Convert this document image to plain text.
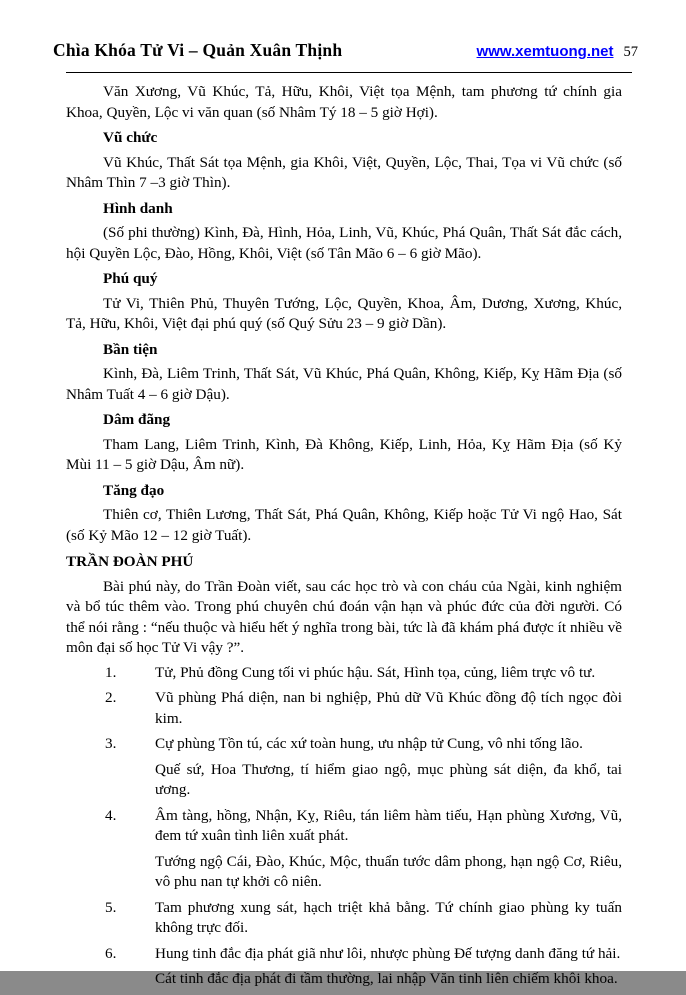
Chìa Khóa Tử Vi – Quản Xuân Thịnh	www.xemtuong.net 57

Văn Xương, Vũ Khúc, Tả, Hữu, Khôi, Việt tọa Mệnh, tam phương tứ chính gia Khoa, Quyền, Lộc vi văn quan (số Nhâm Tý 18 – 5 giờ Hợi).

Vũ chức

Vũ Khúc, Thất Sát tọa Mệnh, gia Khôi, Việt, Quyền, Lộc, Thai, Tọa vi Vũ chức (số Nhâm Thìn 7 –3 giờ Thìn).

Hình danh

(Số phi thường) Kình, Đà, Hình, Hỏa, Linh, Vũ, Khúc, Phá Quân, Thất Sát đắc cách, hội Quyền Lộc, Đào, Hồng, Khôi, Việt (số Tân Mão 6 – 6 giờ Mão).

Phú quý

Tử Vi, Thiên Phủ, Thuyên Tướng, Lộc, Quyền, Khoa, Âm, Dương, Xương, Khúc, Tả, Hữu, Khôi, Việt đại phú quý (số Quý Sửu 23 – 9 giờ Dần).

Bần tiện

Kình, Đà, Liêm Trinh, Thất Sát, Vũ Khúc, Phá Quân, Không, Kiếp, Kỵ Hãm Địa (số Nhâm Tuất 4 – 6 giờ Dậu).

Dâm đãng

Tham Lang, Liêm Trinh, Kình, Đà Không, Kiếp, Linh, Hỏa, Kỵ Hãm Địa (số Kỷ Mùi 11 – 5 giờ Dậu, Âm nữ).

Tăng đạo

Thiên cơ, Thiên Lương, Thất Sát, Phá Quân, Không, Kiếp hoặc Tử Vi ngộ Hao, Sát (số Kỷ Mão 12 – 12 giờ Tuất).

TRẦN ĐOÀN PHÚ

Bài phú này, do Trần Đoàn viết, sau các học trò và con cháu của Ngài, kinh nghiệm và bổ túc thêm vào. Trong phú chuyên chú đoán vận hạn và phúc đức của đời người. Có thể nói rằng : “nếu thuộc và hiểu hết ý nghĩa trong bài, tức là đã khám phá được ít nhiều về môn đại số học Tử Vi vậy ?”.

1.	Tử, Phủ đồng Cung tối vi phúc hậu. Sát, Hình tọa, củng, liêm trực vô tư.
2.	Vũ phùng Phá diện, nan bi nghiệp, Phủ dữ Vũ Khúc đồng độ tích ngọc đòi kim.
3.	Cự phùng Tồn tú, các xứ toàn hung, ưu nhập tử Cung, vô nhi tống lão.
Quế sứ, Hoa Thương, tí hiểm giao ngộ, mục phùng sát diện, đa khổ, tai ương.
4.	Âm tàng, hồng, Nhận, Kỵ, Riêu, tán liêm hàm tiếu, Hạn phùng Xương, Vũ, đem tứ xuân tình liên xuất phát.
Tướng ngộ Cái, Đào, Khúc, Mộc, thuẩn tước dâm phong, hạn ngộ Cơ, Riêu, vô phu nan tự khởi cô niên.
5.	Tam phương xung sát, hạch triệt khả bằng. Tứ chính giao phùng ky tuấn không trực đối.
6.	Hung tinh đắc địa phát giã như lôi, nhược phùng Đế tượng danh đăng tứ hải.
Cát tinh đắc địa phát đi tầm thường, lai nhập Văn tinh liên chiếm khôi khoa.
